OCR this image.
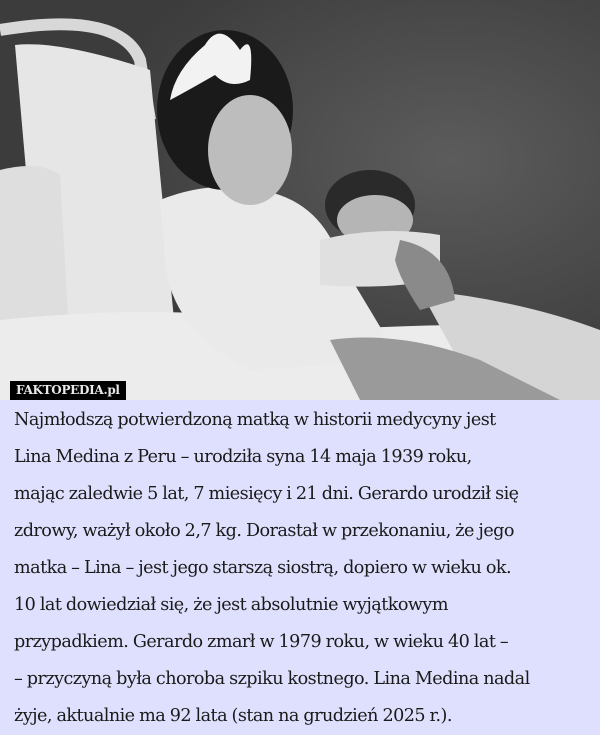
FAKTOPEDIA.pl
Najmłodszą potwierdzoną matką w historii medycyny jest
Lina Medina z Peru – urodziła syna 14 maja 1939 roku,
mając zaledwie 5 lat, 7 miesięcy i 21 dni. Gerardo urodził się
zdrowy, ważył około 2,7 kg. Dorastał w przekonaniu, że jego
matka – Lina – jest jego starszą siostrą, dopiero w wieku ok.
10 lat dowiedział się, że jest absolutnie wyjątkowym
przypadkiem. Gerardo zmarł w 1979 roku, w wieku 40 lat –
– przyczyną była choroba szpiku kostnego. Lina Medina nadal
żyje, aktualnie ma 92 lata (stan na grudzień 2025 r.).
